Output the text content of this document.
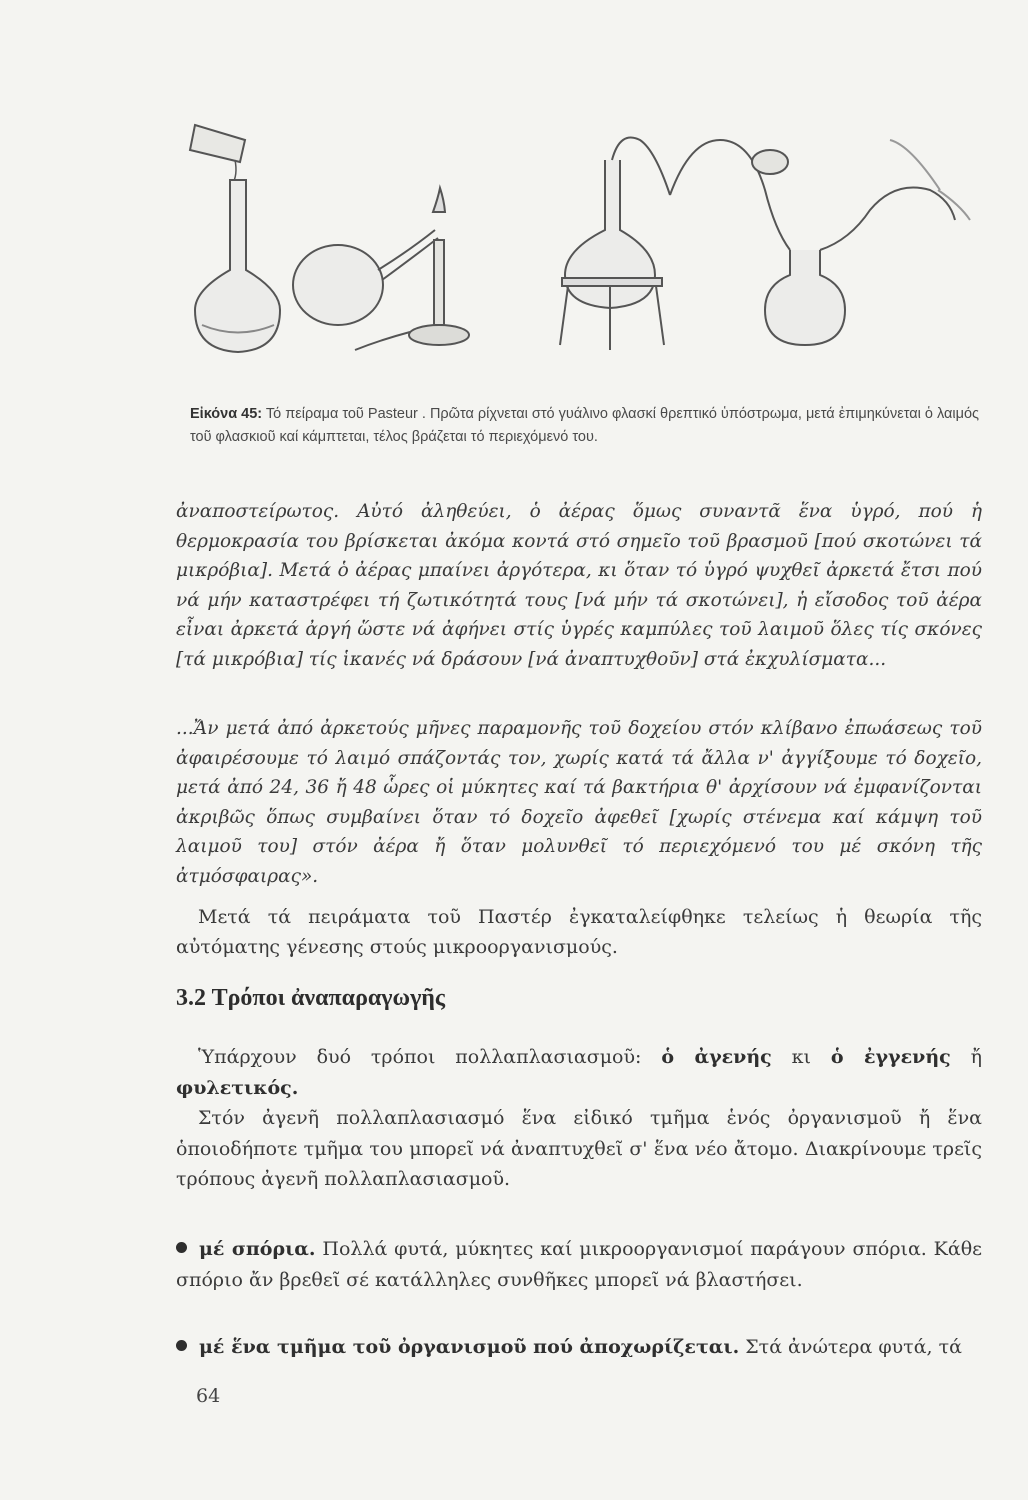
Εἰκόνα 45: Τό πείραμα τοῦ Pasteur . Πρῶτα ρίχνεται στό γυάλινο φλασκί θρεπτικό ὑπόστρωμα, μετά ἐπιμηκύνεται ὁ λαιμός τοῦ φλασκιοῦ καί κάμπτεται, τέλος βράζεται τό περιεχόμενό του.
ἀναποστείρωτος. Αὐτό ἀληθεύει, ὁ ἀέρας ὅμως συναντᾶ ἕνα ὑγρό, πού ἡ θερμοκρασία του βρίσκεται ἀκόμα κοντά στό σημεῖο τοῦ βρασμοῦ [πού σκοτώνει τά μικρόβια]. Μετά ὁ ἀέρας μπαίνει ἀργότερα, κι ὅταν τό ὑγρό ψυχθεῖ ἀρκετά ἔτσι πού νά μήν καταστρέφει τή ζωτικότητά τους [νά μήν τά σκοτώνει], ἡ εἴσοδος τοῦ ἀέρα εἶναι ἀρκετά ἀργή ὥστε νά ἀφήνει στίς ὑγρές καμπύλες τοῦ λαιμοῦ ὅλες τίς σκόνες [τά μικρόβια] τίς ἱκανές νά δράσουν [νά ἀναπτυχθοῦν] στά ἐκχυλίσματα...
...Ἄν μετά ἀπό ἀρκετούς μῆνες παραμονῆς τοῦ δοχείου στόν κλίβανο ἐπωάσεως τοῦ ἀφαιρέσουμε τό λαιμό σπάζοντάς τον, χωρίς κατά τά ἄλλα ν' ἀγγίξουμε τό δοχεῖο, μετά ἀπό 24, 36 ἤ 48 ὧρες οἱ μύκητες καί τά βακτήρια θ' ἀρχίσουν νά ἐμφανίζονται ἀκριβῶς ὅπως συμβαίνει ὅταν τό δοχεῖο ἀφεθεῖ [χωρίς στένεμα καί κάμψη τοῦ λαιμοῦ του] στόν ἀέρα ἤ ὅταν μολυνθεῖ τό περιεχόμενό του μέ σκόνη τῆς ἀτμόσφαιρας».
Μετά τά πειράματα τοῦ Παστέρ ἐγκαταλείφθηκε τελείως ἡ θεωρία τῆς αὐτόματης γένεσης στούς μικροοργανισμούς.
3.2 Τρόποι ἀναπαραγωγῆς
Ὑπάρχουν δυό τρόποι πολλαπλασιασμοῦ: ὁ ἀγενής κι ὁ ἐγγενής ἤ φυλετικός.
Στόν ἀγενῆ πολλαπλασιασμό ἕνα εἰδικό τμῆμα ἑνός ὀργανισμοῦ ἤ ἕνα ὁποιοδήποτε τμῆμα του μπορεῖ νά ἀναπτυχθεῖ σ' ἕνα νέο ἄτομο. Διακρίνουμε τρεῖς τρόπους ἀγενῆ πολλαπλασιασμοῦ.
μέ σπόρια. Πολλά φυτά, μύκητες καί μικροοργανισμοί παράγουν σπόρια. Κάθε σπόριο ἄν βρεθεῖ σέ κατάλληλες συνθῆκες μπορεῖ νά βλαστήσει.
μέ ἕνα τμῆμα τοῦ ὀργανισμοῦ πού ἀποχωρίζεται. Στά ἀνώτερα φυτά, τά
64
